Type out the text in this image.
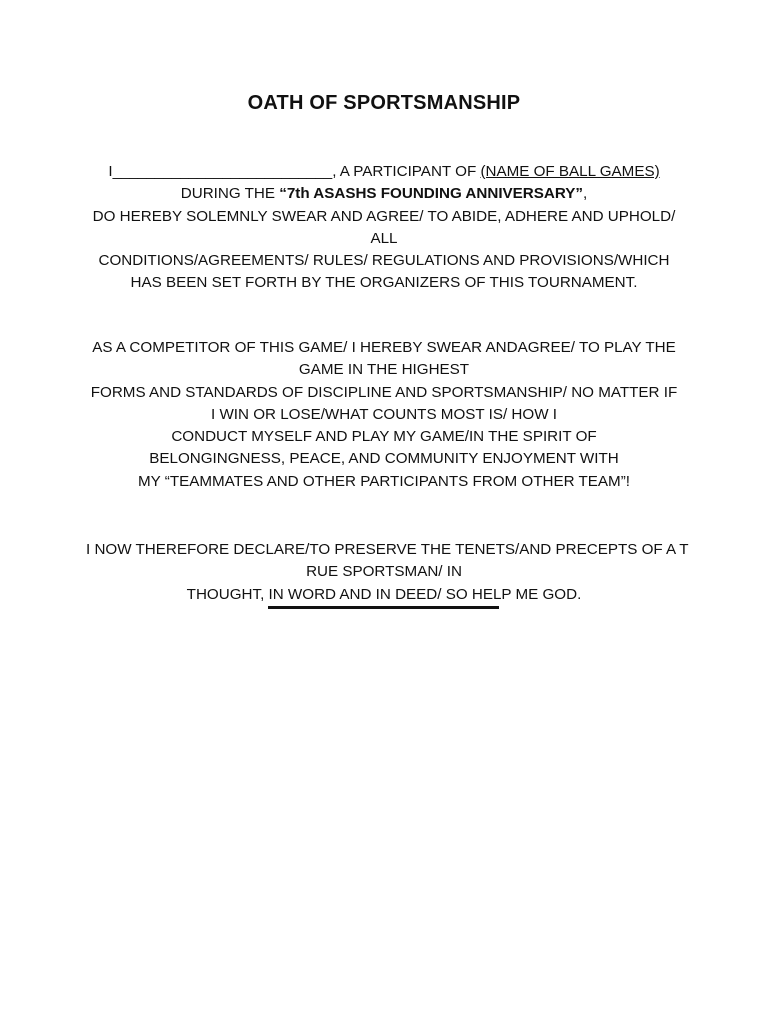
OATH OF SPORTSMANSHIP
I__________________________, A PARTICIPANT OF (NAME OF BALL GAMES)
DURING THE “7th ASASHS FOUNDING ANNIVERSARY”,
DO HEREBY SOLEMNLY SWEAR AND AGREE/ TO ABIDE, ADHERE AND UPHOLD/
ALL
CONDITIONS/AGREEMENTS/ RULES/ REGULATIONS AND PROVISIONS/WHICH
HAS BEEN SET FORTH BY THE ORGANIZERS OF THIS TOURNAMENT.
AS A COMPETITOR OF THIS GAME/ I HEREBY SWEAR ANDAGREE/ TO PLAY THE
GAME IN THE HIGHEST
FORMS AND STANDARDS OF DISCIPLINE AND SPORTSMANSHIP/ NO MATTER IF
I WIN OR LOSE/WHAT COUNTS MOST IS/ HOW I
CONDUCT MYSELF AND PLAY MY GAME/IN THE SPIRIT OF
BELONGINGNESS, PEACE, AND COMMUNITY ENJOYMENT WITH
MY “TEAMMATES AND OTHER PARTICIPANTS FROM OTHER TEAM”!
I NOW THEREFORE DECLARE/TO PRESERVE THE TENETS/AND PRECEPTS OF A T
RUE SPORTSMAN/ IN
THOUGHT, IN WORD AND IN DEED/ SO HELP ME GOD.
